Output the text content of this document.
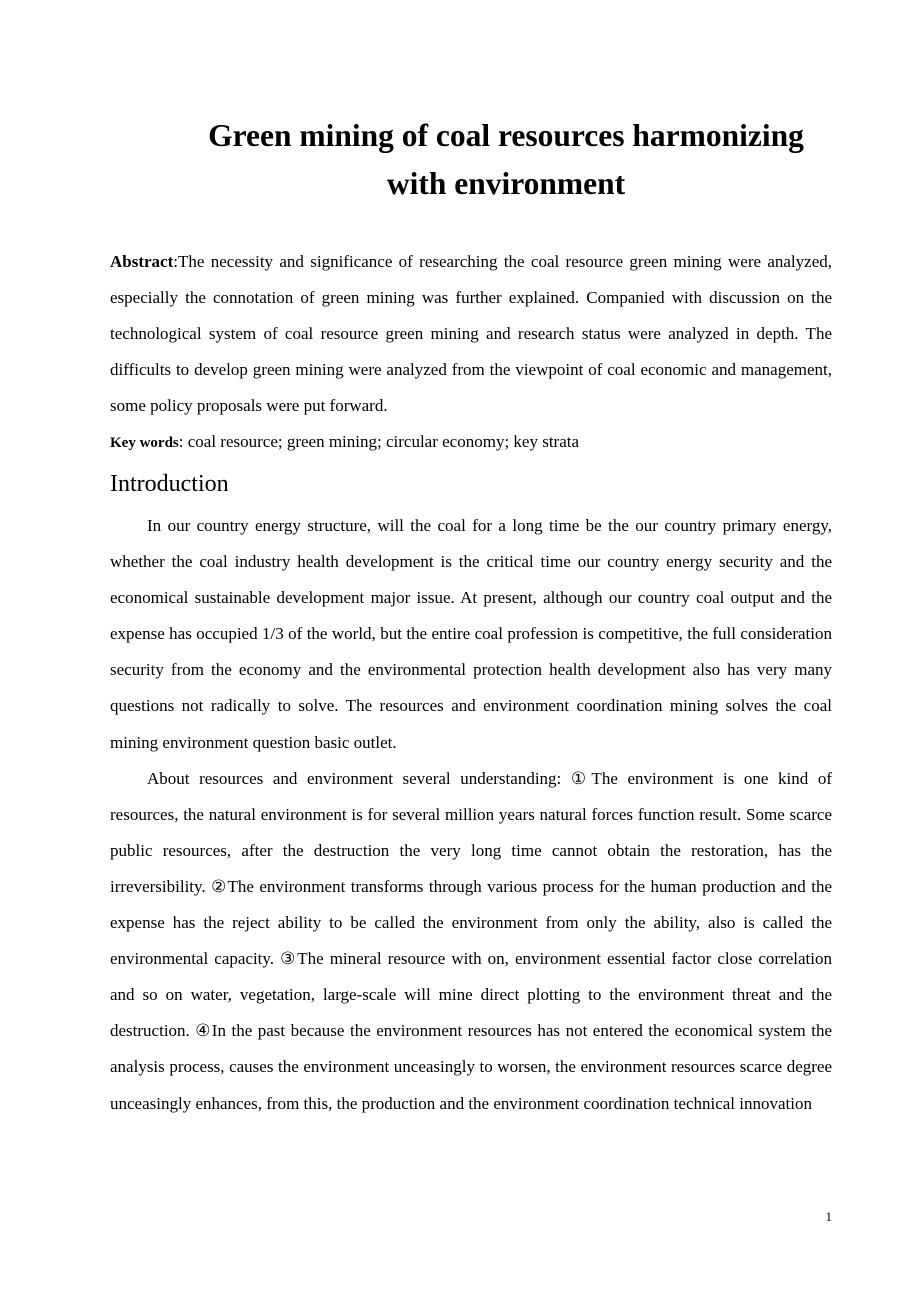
Green mining of coal resources harmonizing
with environment

Abstract:The necessity and significance of researching the coal resource green mining were analyzed, especially the connotation of green mining was further explained. Companied with discussion on the technological system of coal resource green mining and research status were analyzed in depth. The difficults to develop green mining were analyzed from the viewpoint of coal economic and management, some policy proposals were put forward.

Key words: coal resource; green mining; circular economy; key strata

Introduction

In our country energy structure, will the coal for a long time be the our country primary energy, whether the coal industry health development is the critical time our country energy security and the economical sustainable development major issue. At present, although our country coal output and the expense has occupied 1/3 of the world, but the entire coal profession is competitive, the full consideration security from the economy and the environmental protection health development also has very many questions not radically to solve. The resources and environment coordination mining solves the coal mining environment question basic outlet.

About resources and environment several understanding: ①The environment is one kind of resources, the natural environment is for several million years natural forces function result. Some scarce public resources, after the destruction the very long time cannot obtain the restoration, has the irreversibility. ②The environment transforms through various process for the human production and the expense has the reject ability to be called the environment from only the ability, also is called the environmental capacity. ③The mineral resource with on, environment essential factor close correlation and so on water, vegetation, large-scale will mine direct plotting to the environment threat and the destruction. ④In the past because the environment resources has not entered the economical system the analysis process, causes the environment unceasingly to worsen, the environment resources scarce degree unceasingly enhances, from this, the production and the environment coordination technical innovation

1
